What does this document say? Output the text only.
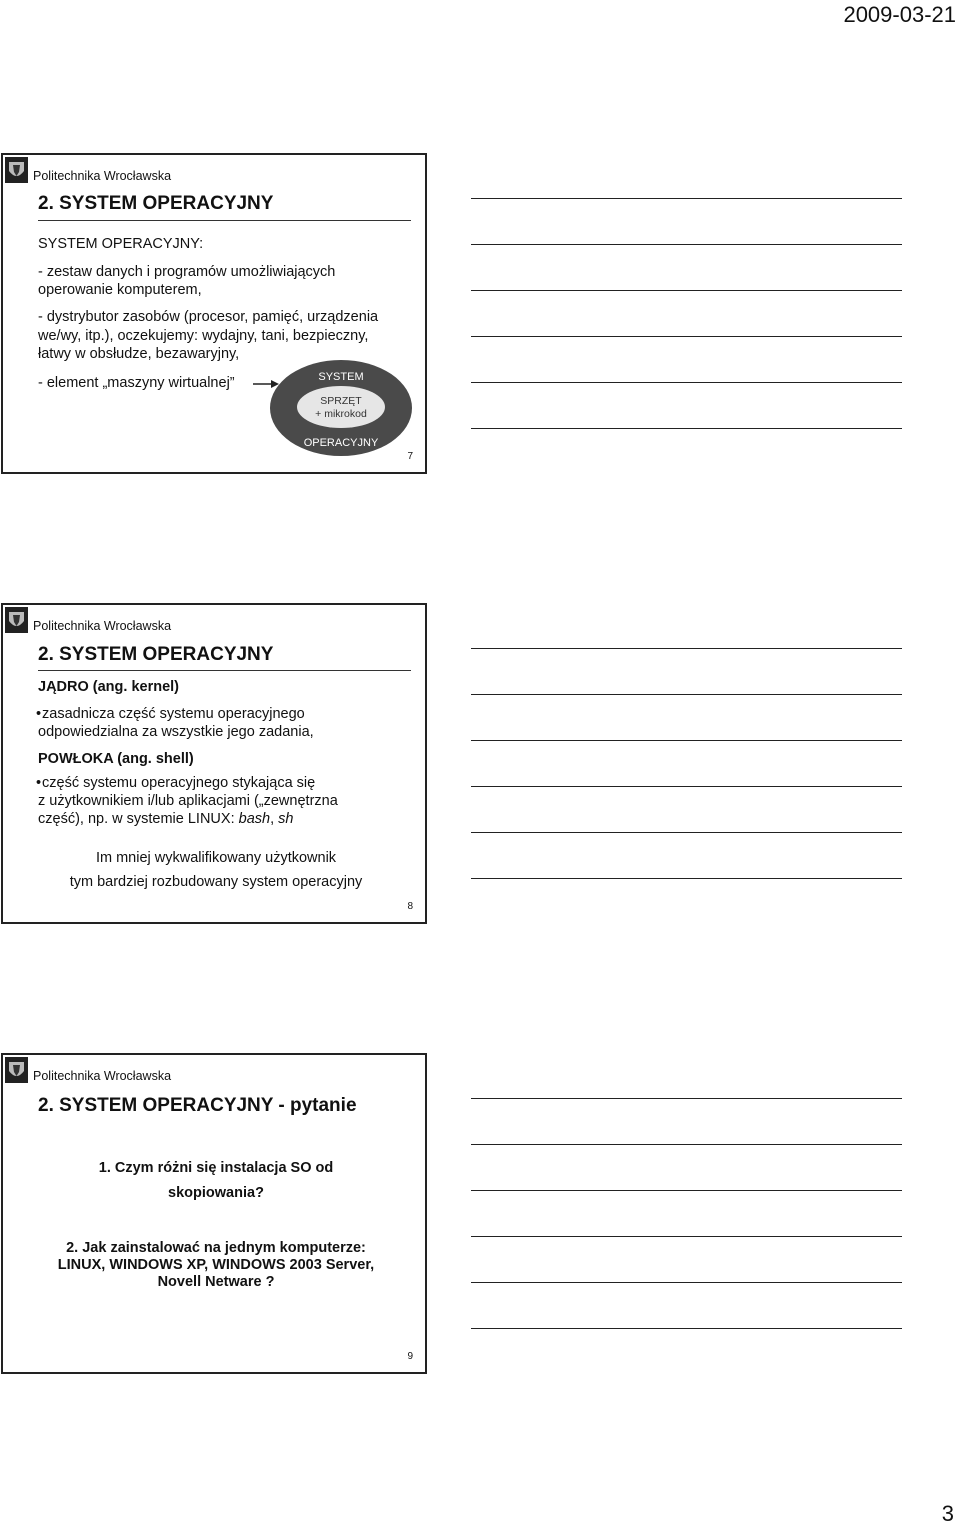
2009-03-21
Politechnika Wrocławska
2. SYSTEM OPERACYJNY
SYSTEM OPERACYJNY:
- zestaw danych i programów umożliwiających
operowanie komputerem,
- dystrybutor zasobów (procesor, pamięć, urządzenia
we/wy, itp.), oczekujemy: wydajny, tani, bezpieczny,
łatwy w obsłudze, bezawaryjny,
- element „maszyny wirtualnej”	SYSTEM
SPRZĘT
+ mikrokod
OPERACYJNY
7
Politechnika Wrocławska
2. SYSTEM OPERACYJNY
JĄDRO (ang. kernel)
• zasadnicza część systemu operacyjnego
odpowiedzialna za wszystkie jego zadania,
POWŁOKA (ang. shell)
• część systemu operacyjnego stykająca się
z użytkownikiem i/lub aplikacjami („zewnętrzna
część), np. w systemie LINUX: bash, sh
Im mniej wykwalifikowany użytkownik
tym bardziej rozbudowany system operacyjny
8
Politechnika Wrocławska
2. SYSTEM OPERACYJNY - pytanie
1. Czym różni się instalacja SO od
skopiowania?
2. Jak zainstalować na jednym komputerze:
LINUX, WINDOWS XP, WINDOWS 2003 Server,
Novell Netware ?
9
3
